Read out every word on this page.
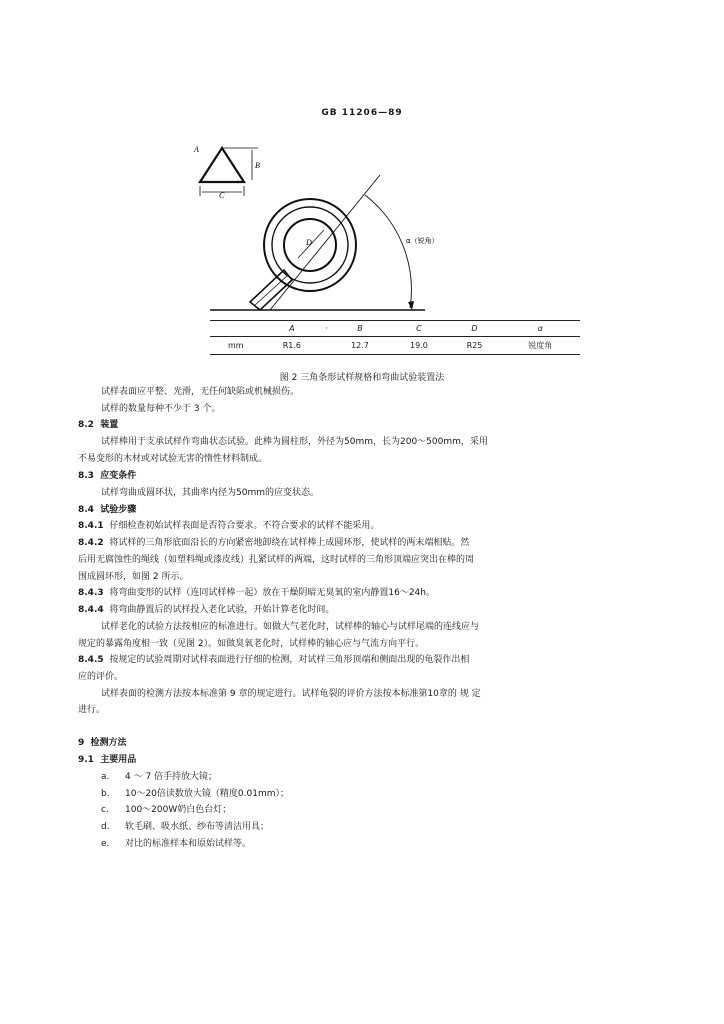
GB 11206—89
A
B
C
D	α（锐角）
	A	·	B	C	D	α
mm	R1.6		12.7	19.0	R25	锐度角
图 2 三角条形试样规格和弯曲试验装置法
试样表面应平整、光滑，无任何缺陷或机械损伤。
试样的数量每种不少于 3 个。
8.2 装置
试样棒用于支承试样作弯曲状态试验。此棒为圆柱形，外径为50mm，长为200～500mm，采用
不易变形的木材或对试验无害的惰性材料制成。
8.3 应变条件
试样弯曲成圆环状，其曲率内径为50mm的应变状态。
8.4 试验步骤
8.4.1 仔细检查初始试样表面是否符合要求。不符合要求的试样不能采用。
8.4.2 将试样的三角形底面沿长的方向紧密地卸绕在试样棒上成圆环形，使试样的两末端相贴。然
后用无腐蚀性的绳线（如塑料绳或漆皮线）扎紧试样的两端，这时试样的三角形顶端应突出在棒的周
围成圆环形，如图 2 所示。
8.4.3 将弯曲变形的试样（连同试样棒一起）放在干燥阴暗无臭氧的室内静置16～24h。
8.4.4 将弯曲静置后的试样投入老化试验，开始计算老化时间。
试样老化的试验方法按相应的标准进行。如做大气老化时，试样棒的轴心与试样尾端的连线应与
规定的暴露角度相一致（见图 2）。如做臭氧老化时，试样棒的轴心应与气流方向平行。
8.4.5 按规定的试验周期对试样表面进行仔细的检测，对试样三角形顶端和侧面出现的龟裂作出相
应的评价。
试样表面的检测方法按本标准第 9 章的规定进行。试样龟裂的评价方法按本标准第10章的 规 定
进行。
9 检测方法
9.1 主要用品
a. 4 ～ 7 倍手持放大镜；
b. 10～20倍读数放大镜（精度0.01mm）；
c. 100～200W奶白色台灯；
d. 软毛刷、吸水纸、纱布等清洁用具；
e. 对比的标准样本和原始试样等。
